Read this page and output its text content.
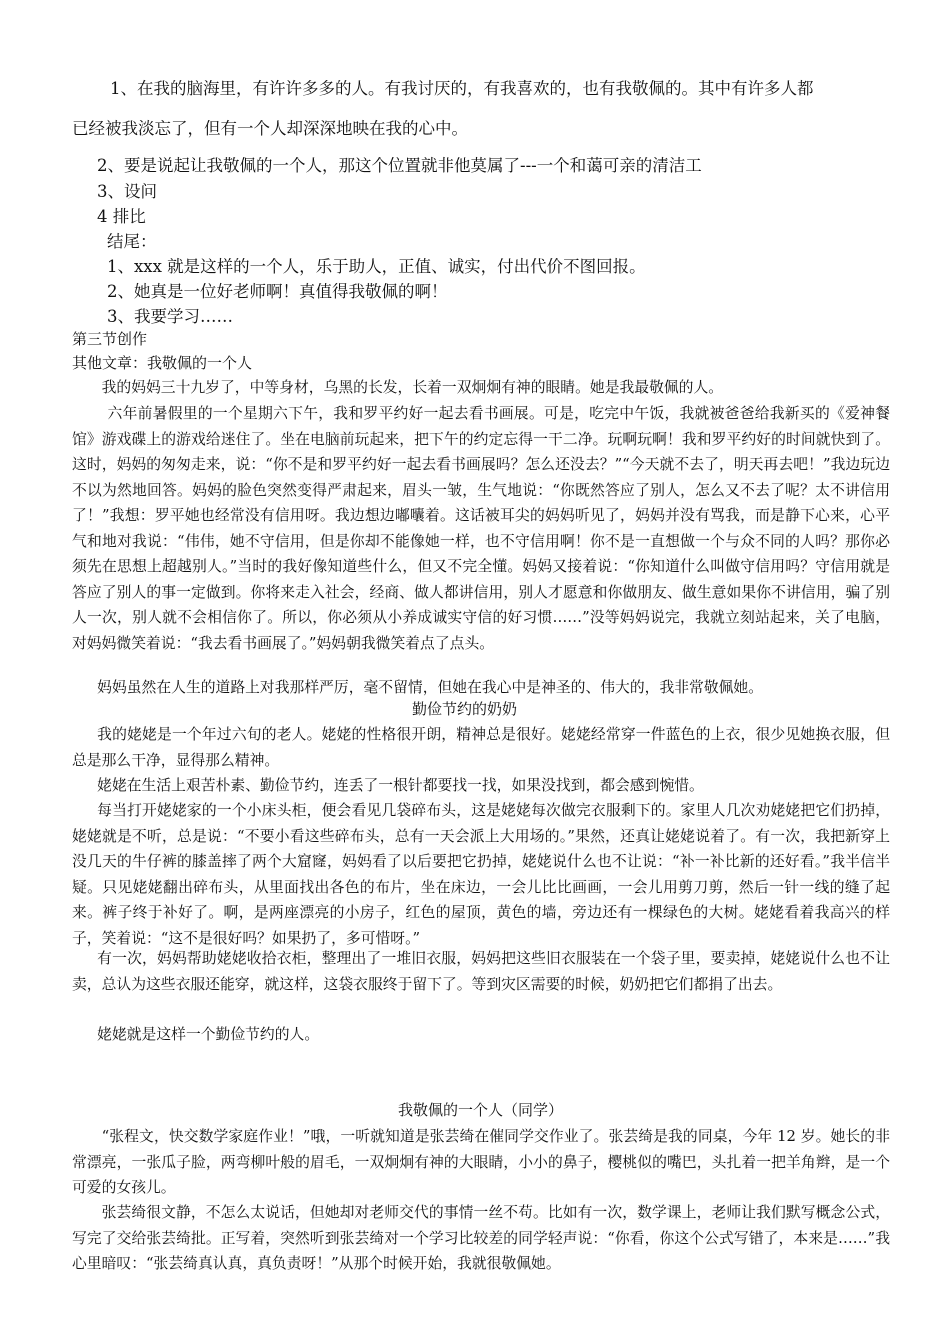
1、在我的脑海里，有许许多多的人。有我讨厌的，有我喜欢的，也有我敬佩的。其中有许多人都
已经被我淡忘了，但有一个人却深深地映在我的心中。
2、要是说起让我敬佩的一个人，那这个位置就非他莫属了---一个和蔼可亲的清洁工
3、设问
4 排比
结尾：
1、xxx 就是这样的一个人，乐于助人，正值、诚实，付出代价不图回报。
2、她真是一位好老师啊！真值得我敬佩的啊！
3、我要学习……
第三节创作
其他文章：我敬佩的一个人
我的妈妈三十九岁了，中等身材，乌黑的长发，长着一双炯炯有神的眼睛。她是我最敬佩的人。
六年前暑假里的一个星期六下午，我和罗平约好一起去看书画展。可是，吃完中午饭，我就被爸爸给我新买的《爱神餐馆》游戏碟上的游戏给迷住了。坐在电脑前玩起来，把下午的约定忘得一干二净。玩啊玩啊！我和罗平约好的时间就快到了。这时，妈妈的匆匆走来，说：“你不是和罗平约好一起去看书画展吗？怎么还没去？”“今天就不去了，明天再去吧！”我边玩边不以为然地回答。妈妈的脸色突然变得严肃起来，眉头一皱，生气地说：“你既然答应了别人，怎么又不去了呢？太不讲信用了！”我想：罗平她也经常没有信用呀。我边想边嘟囔着。这话被耳尖的妈妈听见了，妈妈并没有骂我，而是静下心来，心平气和地对我说：“伟伟，她不守信用，但是你却不能像她一样，也不守信用啊！你不是一直想做一个与众不同的人吗？那你必须先在思想上超越别人。”当时的我好像知道些什么，但又不完全懂。妈妈又接着说：“你知道什么叫做守信用吗？守信用就是答应了别人的事一定做到。你将来走入社会，经商、做人都讲信用，别人才愿意和你做朋友、做生意如果你不讲信用，骗了别人一次，别人就不会相信你了。所以，你必须从小养成诚实守信的好习惯……”没等妈妈说完，我就立刻站起来，关了电脑，对妈妈微笑着说：“我去看书画展了。”妈妈朝我微笑着点了点头。
妈妈虽然在人生的道路上对我那样严厉，毫不留情，但她在我心中是神圣的、伟大的，我非常敬佩她。
勤俭节约的奶奶
我的姥姥是一个年过六旬的老人。姥姥的性格很开朗，精神总是很好。姥姥经常穿一件蓝色的上衣，很少见她换衣服，但总是那么干净，显得那么精神。
姥姥在生活上艰苦朴素、勤俭节约，连丢了一根针都要找一找，如果没找到，都会感到惋惜。
每当打开姥姥家的一个小床头柜，便会看见几袋碎布头，这是姥姥每次做完衣服剩下的。家里人几次劝姥姥把它们扔掉，姥姥就是不听，总是说：“不要小看这些碎布头，总有一天会派上大用场的。”果然，还真让姥姥说着了。有一次，我把新穿上没几天的牛仔裤的膝盖摔了两个大窟窿，妈妈看了以后要把它扔掉，姥姥说什么也不让说：“补一补比新的还好看。”我半信半疑。只见姥姥翻出碎布头，从里面找出各色的布片，坐在床边，一会儿比比画画，一会儿用剪刀剪，然后一针一线的缝了起来。裤子终于补好了。啊，是两座漂亮的小房子，红色的屋顶，黄色的墙，旁边还有一棵绿色的大树。姥姥看着我高兴的样子，笑着说：“这不是很好吗？如果扔了，多可惜呀。”
有一次，妈妈帮助姥姥收拾衣柜，整理出了一堆旧衣服，妈妈把这些旧衣服装在一个袋子里，要卖掉，姥姥说什么也不让卖，总认为这些衣服还能穿，就这样，这袋衣服终于留下了。等到灾区需要的时候，奶奶把它们都捐了出去。
姥姥就是这样一个勤俭节约的人。
我敬佩的一个人（同学）
“张程文，快交数学家庭作业！”哦，一听就知道是张芸绮在催同学交作业了。张芸绮是我的同桌，今年 12 岁。她长的非常漂亮，一张瓜子脸，两弯柳叶般的眉毛，一双炯炯有神的大眼睛，小小的鼻子，樱桃似的嘴巴，头扎着一把羊角辫，是一个可爱的女孩儿。
张芸绮很文静，不怎么太说话，但她却对老师交代的事情一丝不苟。比如有一次，数学课上，老师让我们默写概念公式，写完了交给张芸绮批。正写着，突然听到张芸绮对一个学习比较差的同学轻声说：“你看，你这个公式写错了，本来是……”我心里暗叹：“张芸绮真认真，真负责呀！”从那个时候开始，我就很敬佩她。
